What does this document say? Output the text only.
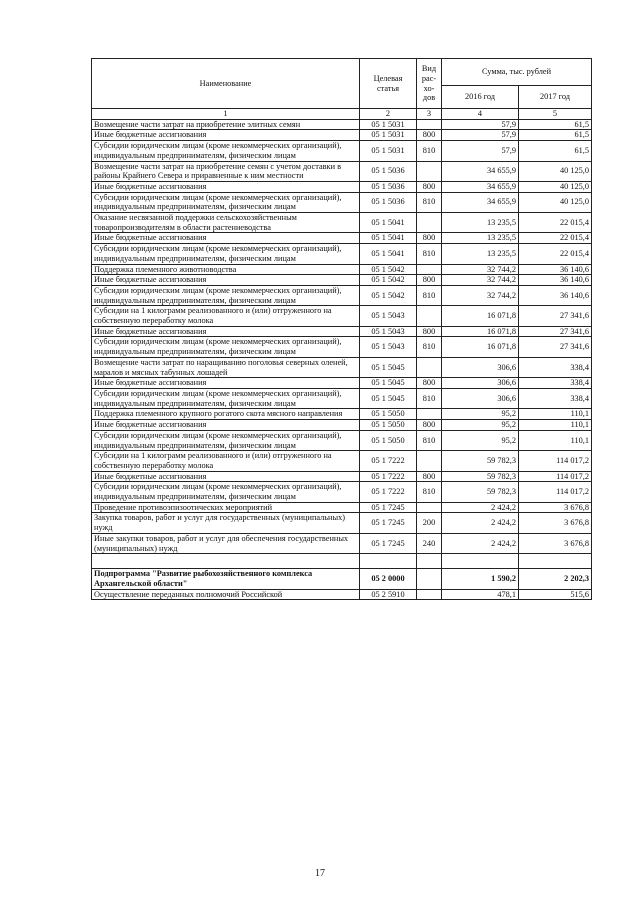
Наименование	Целевая статья	Вид рас- хо- дов	Сумма, тыс. рублей	
			2016 год	2017 год
1	2	3	4	5
Возмещение части затрат на приобретение элитных семян	05 1 5031		57,9	61,5
Иные бюджетные ассигнования	05 1 5031	800	57,9	61,5
Субсидии юридическим лицам (кроме некоммерческих организаций), индивидуальным предпринимателям, физическим лицам	05 1 5031	810	57,9	61,5
Возмещение части затрат на приобретение семян с учетом доставки в районы Крайнего Севера и приравненные к ним местности	05 1 5036		34 655,9	40 125,0
Иные бюджетные ассигнования	05 1 5036	800	34 655,9	40 125,0
Субсидии юридическим лицам (кроме некоммерческих организаций), индивидуальным предпринимателям, физическим лицам	05 1 5036	810	34 655,9	40 125,0
Оказание несвязанной поддержки сельскохозяйственным товаропроизводителям в области растениеводства	05 1 5041		13 235,5	22 015,4
Иные бюджетные ассигнования	05 1 5041	800	13 235,5	22 015,4
Субсидии юридическим лицам (кроме некоммерческих организаций), индивидуальным предпринимателям, физическим лицам	05 1 5041	810	13 235,5	22 015,4
Поддержка племенного животноводства	05 1 5042		32 744,2	36 140,6
Иные бюджетные ассигнования	05 1 5042	800	32 744,2	36 140,6
Субсидии юридическим лицам (кроме некоммерческих организаций), индивидуальным предпринимателям, физическим лицам	05 1 5042	810	32 744,2	36 140,6
Субсидии на 1 килограмм реализованного и (или) отгруженного на собственную переработку молока	05 1 5043		16 071,8	27 341,6
Иные бюджетные ассигнования	05 1 5043	800	16 071,8	27 341,6
Субсидии юридическим лицам (кроме некоммерческих организаций), индивидуальным предпринимателям, физическим лицам	05 1 5043	810	16 071,8	27 341,6
Возмещение части затрат по наращиванию поголовья северных оленей, маралов и мясных табунных лошадей	05 1 5045		306,6	338,4
Иные бюджетные ассигнования	05 1 5045	800	306,6	338,4
Субсидии юридическим лицам (кроме некоммерческих организаций), индивидуальным предпринимателям, физическим лицам	05 1 5045	810	306,6	338,4
Поддержка племенного крупного рогатого скота мясного направления	05 1 5050		95,2	110,1
Иные бюджетные ассигнования	05 1 5050	800	95,2	110,1
Субсидии юридическим лицам (кроме некоммерческих организаций), индивидуальным предпринимателям, физическим лицам	05 1 5050	810	95,2	110,1
Субсидии на 1 килограмм реализованного и (или) отгруженного на собственную переработку молока	05 1 7222		59 782,3	114 017,2
Иные бюджетные ассигнования	05 1 7222	800	59 782,3	114 017,2
Субсидии юридическим лицам (кроме некоммерческих организаций), индивидуальным предпринимателям, физическим лицам	05 1 7222	810	59 782,3	114 017,2
Проведение противоэпизоотических мероприятий	05 1 7245		2 424,2	3 676,8
Закупка товаров, работ и услуг для государственных (муниципальных) нужд	05 1 7245	200	2 424,2	3 676,8
Иные закупки товаров, работ и услуг для обеспечения государственных (муниципальных) нужд	05 1 7245	240	2 424,2	3 676,8

Подпрограмма "Развитие рыбохозяйственного комплекса Архангельской области"	05 2 0000		1 590,2	2 202,3
Осуществление переданных полномочий Российской	05 2 5910		478,1	515,6
17
